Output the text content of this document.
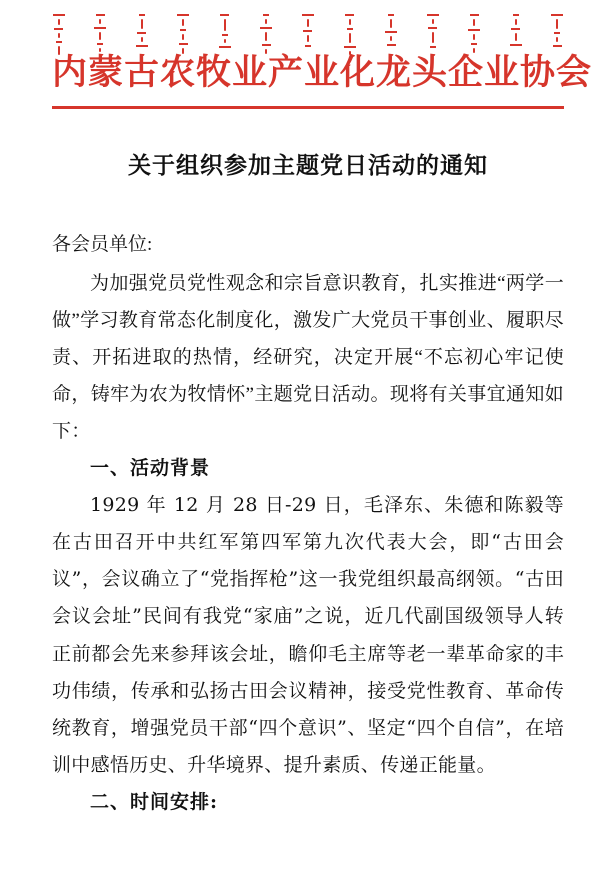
内蒙古农牧业产业化龙头企业协会
关于组织参加主题党日活动的通知
各会员单位:

为加强党员党性观念和宗旨意识教育，扎实推进“两学一做”学习教育常态化制度化，激发广大党员干事创业、履职尽责、开拓进取的热情，经研究，决定开展“不忘初心牢记使命，铸牢为农为牧情怀”主题党日活动。现将有关事宜通知如下：

一、活动背景

1929 年 12 月 28 日-29 日，毛泽东、朱德和陈毅等在古田召开中共红军第四军第九次代表大会，即“古田会议”，会议确立了“党指挥枪”这一我党组织最高纲领。“古田会议会址”民间有我党“家庙”之说，近几代副国级领导人转正前都会先来参拜该会址，瞻仰毛主席等老一辈革命家的丰功伟绩，传承和弘扬古田会议精神，接受党性教育、革命传统教育，增强党员干部“四个意识”、坚定“四个自信”，在培训中感悟历史、升华境界、提升素质、传递正能量。

二、时间安排:
